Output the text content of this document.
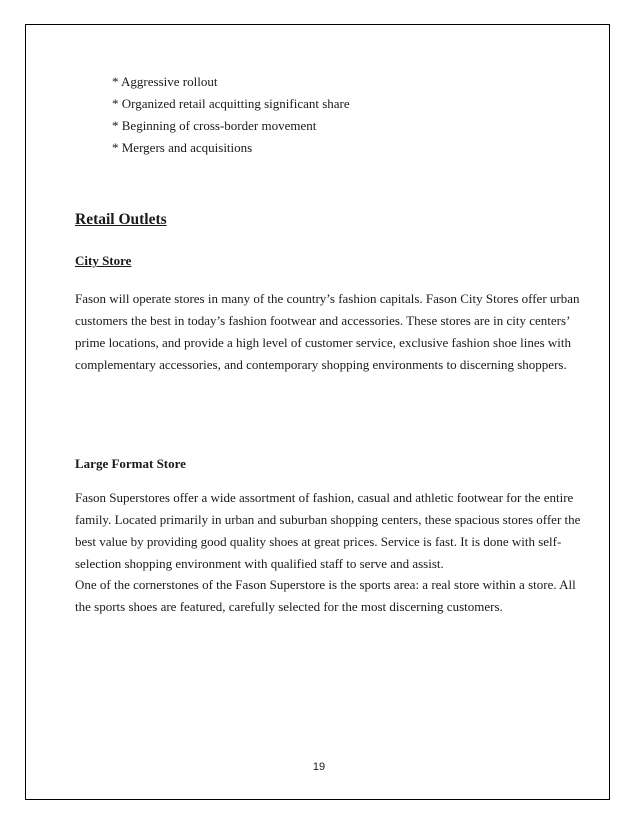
* Aggressive rollout
* Organized retail acquitting significant share
* Beginning of cross-border movement
* Mergers and acquisitions
Retail Outlets
City Store

Fason will operate stores in many of the country’s fashion capitals. Fason City Stores offer urban
customers the best in today’s fashion footwear and accessories. These stores are in city centers’
prime locations, and provide a high level of customer service, exclusive fashion shoe lines with
complementary accessories, and contemporary shopping environments to discerning shoppers.

Large Format Store

Fason Superstores offer a wide assortment of fashion, casual and athletic footwear for the entire
family. Located primarily in urban and suburban shopping centers, these spacious stores offer the
best value by providing good quality shoes at great prices. Service is fast. It is done with self-
selection shopping environment with qualified staff to serve and assist.

One of the cornerstones of the Fason Superstore is the sports area: a real store within a store. All
the sports shoes are featured, carefully selected for the most discerning customers.

19
